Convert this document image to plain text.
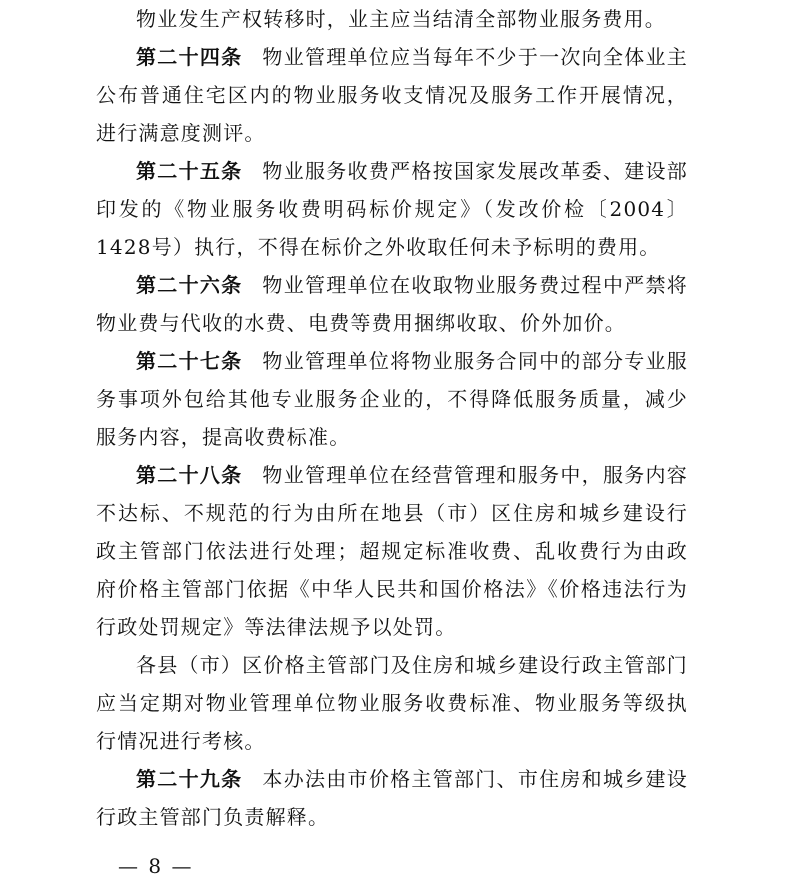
物业发生产权转移时，业主应当结清全部物业服务费用。

第二十四条 物业管理单位应当每年不少于一次向全体业主公布普通住宅区内的物业服务收支情况及服务工作开展情况，进行满意度测评。

第二十五条 物业服务收费严格按国家发展改革委、建设部印发的《物业服务收费明码标价规定》（发改价检〔2004〕1428号）执行，不得在标价之外收取任何未予标明的费用。

第二十六条 物业管理单位在收取物业服务费过程中严禁将物业费与代收的水费、电费等费用捆绑收取、价外加价。

第二十七条 物业管理单位将物业服务合同中的部分专业服务事项外包给其他专业服务企业的，不得降低服务质量，减少服务内容，提高收费标准。

第二十八条 物业管理单位在经营管理和服务中，服务内容不达标、不规范的行为由所在地县（市）区住房和城乡建设行政主管部门依法进行处理；超规定标准收费、乱收费行为由政府价格主管部门依据《中华人民共和国价格法》《价格违法行为行政处罚规定》等法律法规予以处罚。

各县（市）区价格主管部门及住房和城乡建设行政主管部门应当定期对物业管理单位物业服务收费标准、物业服务等级执行情况进行考核。

第二十九条 本办法由市价格主管部门、市住房和城乡建设行政主管部门负责解释。

— 8 —
